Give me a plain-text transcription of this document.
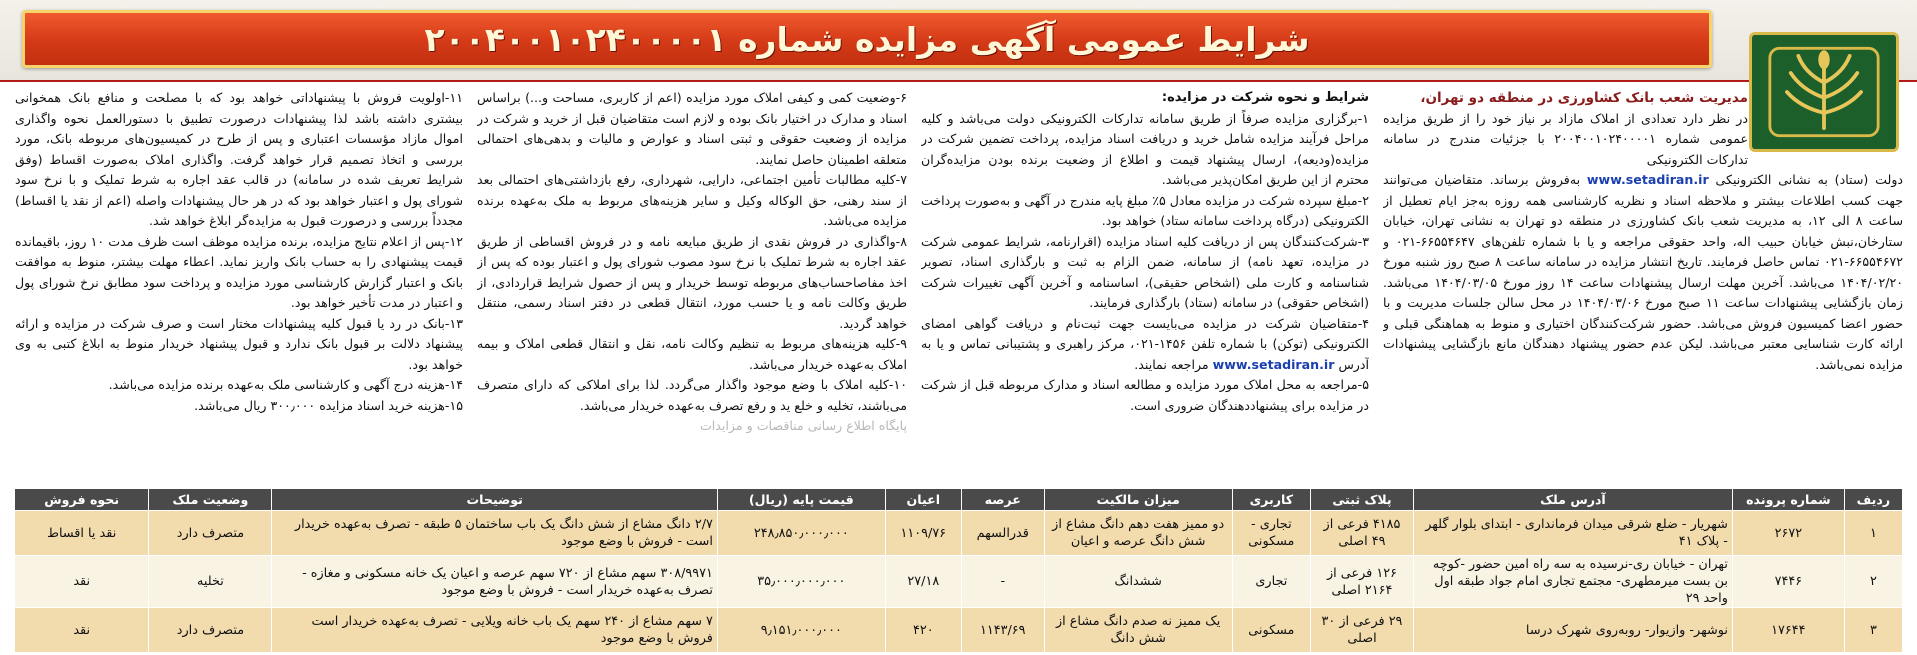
شرایط عمومی آگهی مزایده شماره ۲۰۰۴۰۰۱۰۲۴۰۰۰۰۱

مدیریت شعب بانک کشاورزی در منطقه دو تهران،

در نظر دارد تعدادی از املاک مازاد بر نیاز خود را از طریق مزایده عمومی شماره ۲۰۰۴۰۰۱۰۲۴۰۰۰۰۱ با جزئیات مندرج در سامانه تدارکات الکترونیکی

دولت (ستاد) به نشانی الکترونیکی www.setadiran.ir به‌فروش برساند. متقاضیان می‌توانند جهت کسب اطلاعات بیشتر و ملاحظه اسناد و نظریه کارشناسی همه روزه به‌جز ایام تعطیل از ساعت ۸ الی ۱۲، به مدیریت شعب بانک کشاورزی در منطقه دو تهران به نشانی تهران، خیابان ستارخان،نبش خیابان حبیب اله، واحد حقوقی مراجعه و یا با شماره تلفن‌های ۶۶۵۵۴۶۴۷-۰۲۱ و ۶۶۵۵۴۶۷۲-۰۲۱ تماس حاصل فرمایند. تاریخ انتشار مزایده در سامانه ساعت ۸ صبح روز شنبه مورخ ۱۴۰۴/۰۲/۲۰ می‌باشد. آخرین مهلت ارسال پیشنهادات ساعت ۱۴ روز مورخ ۱۴۰۴/۰۳/۰۵ می‌باشد. زمان بازگشایی پیشنهادات ساعت ۱۱ صبح مورخ ۱۴۰۴/۰۳/۰۶ در محل سالن جلسات مدیریت و با حضور اعضا کمیسیون فروش می‌باشد. حضور شرکت‌کنندگان اختیاری و منوط به هماهنگی قبلی و ارائه کارت شناسایی معتبر می‌باشد. لیکن عدم حضور پیشنهاد دهندگان مانع بازگشایی پیشنهادات مزایده نمی‌باشد.

شرایط و نحوه شرکت در مزایده:

۱-برگزاری مزایده صرفاً از طریق سامانه تدارکات الکترونیکی دولت می‌باشد و کلیه مراحل فرآیند مزایده شامل خرید و دریافت اسناد مزایده، پرداخت تضمین شرکت در مزایده(ودیعه)، ارسال پیشنهاد قیمت و اطلاع از وضعیت برنده بودن مزایده‌گران محترم از این طریق امکان‌پذیر می‌باشد.

۲-مبلغ سپرده شرکت در مزایده معادل ۵٪ مبلغ پایه مندرج در آگهی و به‌صورت پرداخت الکترونیکی (درگاه پرداخت سامانه ستاد) خواهد بود.

۳-شرکت‌کنندگان پس از دریافت کلیه اسناد مزایده (اقرارنامه، شرایط عمومی شرکت در مزایده، تعهد نامه) از سامانه، ضمن الزام به ثبت و بارگذاری اسناد، تصویر شناسنامه و کارت ملی (اشخاص حقیقی)، اساسنامه و آخرین آگهی تغییرات شرکت (اشخاص حقوقی) در سامانه (ستاد) بارگذاری فرمایند.

۴-متقاضیان شرکت در مزایده می‌بایست جهت ثبت‌نام و دریافت گواهی امضای الکترونیکی (توکن) با شماره تلفن ۱۴۵۶-۰۲۱، مرکز راهبری و پشتیبانی تماس و یا به آدرس www.setadiran.ir مراجعه نمایند.

۵-مراجعه به محل املاک مورد مزایده و مطالعه اسناد و مدارک مربوطه قبل از شرکت در مزایده برای پیشنهاددهندگان ضروری است.

۶-وضعیت کمی و کیفی املاک مورد مزایده (اعم از کاربری، مساحت و...) براساس اسناد و مدارک در اختیار بانک بوده و لازم است متقاضیان قبل از خرید و شرکت در مزایده از وضعیت حقوقی و ثبتی اسناد و عوارض و مالیات و بدهی‌های احتمالی متعلقه اطمینان حاصل نمایند.

۷-کلیه مطالبات تأمین اجتماعی، دارایی، شهرداری، رفع بازداشتی‌های احتمالی بعد از سند رهنی، حق الوکاله وکیل و سایر هزینه‌های مربوط به ملک به‌عهده برنده مزایده می‌باشد.

۸-واگذاری در فروش نقدی از طریق مبایعه نامه و در فروش اقساطی از طریق عقد اجاره به شرط تملیک با نرخ سود مصوب شورای پول و اعتبار بوده که پس از اخذ مفاصاحساب‌های مربوطه توسط خریدار و پس از حصول شرایط قراردادی، از طریق وکالت نامه و یا حسب مورد، انتقال قطعی در دفتر اسناد رسمی، منتقل خواهد گردید.

۹-کلیه هزینه‌های مربوط به تنظیم وکالت نامه، نقل و انتقال قطعی املاک و بیمه املاک به‌عهده خریدار می‌باشد.

۱۰-کلیه املاک با وضع موجود واگذار می‌گردد. لذا برای املاکی که دارای متصرف می‌باشند، تخلیه و خلع ید و رفع تصرف به‌عهده خریدار می‌باشد.

پایگاه اطلاع رسانی مناقصات و مزایدات

۱۱-اولویت فروش با پیشنهاداتی خواهد بود که با مصلحت و منافع بانک همخوانی بیشتری داشته باشد لذا پیشنهادات درصورت تطبیق با دستورالعمل نحوه واگذاری اموال مازاد مؤسسات اعتباری و پس از طرح در کمیسیون‌های مربوطه بانک، مورد بررسی و اتخاذ تصمیم قرار خواهد گرفت. واگذاری املاک به‌صورت اقساط (وفق شرایط تعریف شده در سامانه) در قالب عقد اجاره به شرط تملیک و با نرخ سود شورای پول و اعتبار خواهد بود که در هر حال پیشنهادات واصله (اعم از نقد یا اقساط) مجدداً بررسی و درصورت قبول به مزایده‌گر ابلاغ خواهد شد.

۱۲-پس از اعلام نتایج مزایده، برنده مزایده موظف است ظرف مدت ۱۰ روز، باقیمانده قیمت پیشنهادی را به حساب بانک واریز نماید. اعطاء مهلت بیشتر، منوط به موافقت بانک و اعتبار گزارش کارشناسی مورد مزایده و پرداخت سود مطابق نرخ شورای پول و اعتبار در مدت تأخیر خواهد بود.

۱۳-بانک در رد یا قبول کلیه پیشنهادات مختار است و صرف شرکت در مزایده و ارائه پیشنهاد دلالت بر قبول بانک ندارد و قبول پیشنهاد خریدار منوط به ابلاغ کتبی به وی خواهد بود.

۱۴-هزینه درج آگهی و کارشناسی ملک به‌عهده برنده مزایده می‌باشد.

۱۵-هزینه خرید اسناد مزایده ۳۰۰٫۰۰۰ ریال می‌باشد.

ردیف	شماره پرونده	آدرس ملک	پلاک ثبتی	کاربری	میزان مالکیت	عرصه	اعیان	قیمت پایه (ریال)	توضیحات	وضعیت ملک	نحوه فروش
۱	۲۶۷۲	شهریار - ضلع شرقی میدان فرمانداری - ابتدای بلوار گلهر - پلاک ۴۱	۴۱۸۵ فرعی از ۴۹ اصلی	تجاری - مسکونی	دو ممیز هفت دهم دانگ مشاع از شش دانگ عرصه و اعیان	قدرالسهم	۱۱۰۹/۷۶	۲۴۸٫۸۵۰٫۰۰۰٫۰۰۰	۲/۷ دانگ مشاع از شش دانگ یک باب ساختمان ۵ طبقه - تصرف به‌عهده خریدار است - فروش با وضع موجود	متصرف دارد	نقد یا اقساط
۲	۷۴۴۶	تهران - خیابان ری-نرسیده به سه راه امین حضور -کوچه بن بست میرمطهری- مجتمع تجاری امام جواد طبقه اول واحد ۲۹	۱۲۶ فرعی از ۲۱۶۴ اصلی	تجاری	ششدانگ	-	۲۷/۱۸	۳۵٫۰۰۰٫۰۰۰٫۰۰۰	۳۰۸/۹۹۷۱ سهم مشاع از ۷۲۰ سهم عرصه و اعیان یک خانه مسکونی و مغازه - تصرف به‌عهده خریدار است - فروش با وضع موجود	تخلیه	نقد
۳	۱۷۶۴۴	نوشهر- وازیوار- روبه‌روی شهرک درسا	۲۹ فرعی از ۳۰ اصلی	مسکونی	یک ممیز نه صدم دانگ مشاع از شش دانگ	۱۱۴۳/۶۹	۴۲۰	۹٫۱۵۱٫۰۰۰٫۰۰۰	۷ سهم مشاع از ۲۴۰ سهم یک باب خانه ویلایی - تصرف به‌عهده خریدار است فروش با وضع موجود	متصرف دارد	نقد
